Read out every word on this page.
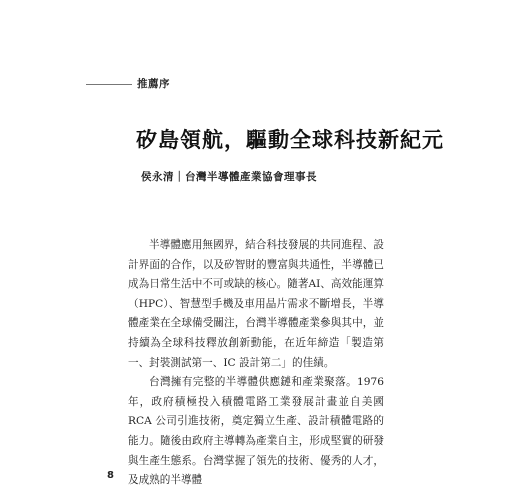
推薦序
矽島領航，驅動全球科技新紀元
侯永清｜台灣半導體產業協會理事長

半導體應用無國界，結合科技發展的共同進程、設計界面的合作，以及矽智財的豐富與共通性，半導體已成為日常生活中不可或缺的核心。隨著AI、高效能運算（HPC）、智慧型手機及車用晶片需求不斷增長，半導體產業在全球備受關注，台灣半導體產業參與其中，並持續為全球科技釋放創新動能，在近年締造「製造第一、封裝測試第一、IC 設計第二」的佳績。

台灣擁有完整的半導體供應鏈和產業聚落。1976年，政府積極投入積體電路工業發展計畫並自美國 RCA 公司引進技術，奠定獨立生產、設計積體電路的能力。隨後由政府主導轉為產業自主，形成堅實的研發與生產生態系。台灣掌握了領先的技術、優秀的人才，及成熟的半導體

8
